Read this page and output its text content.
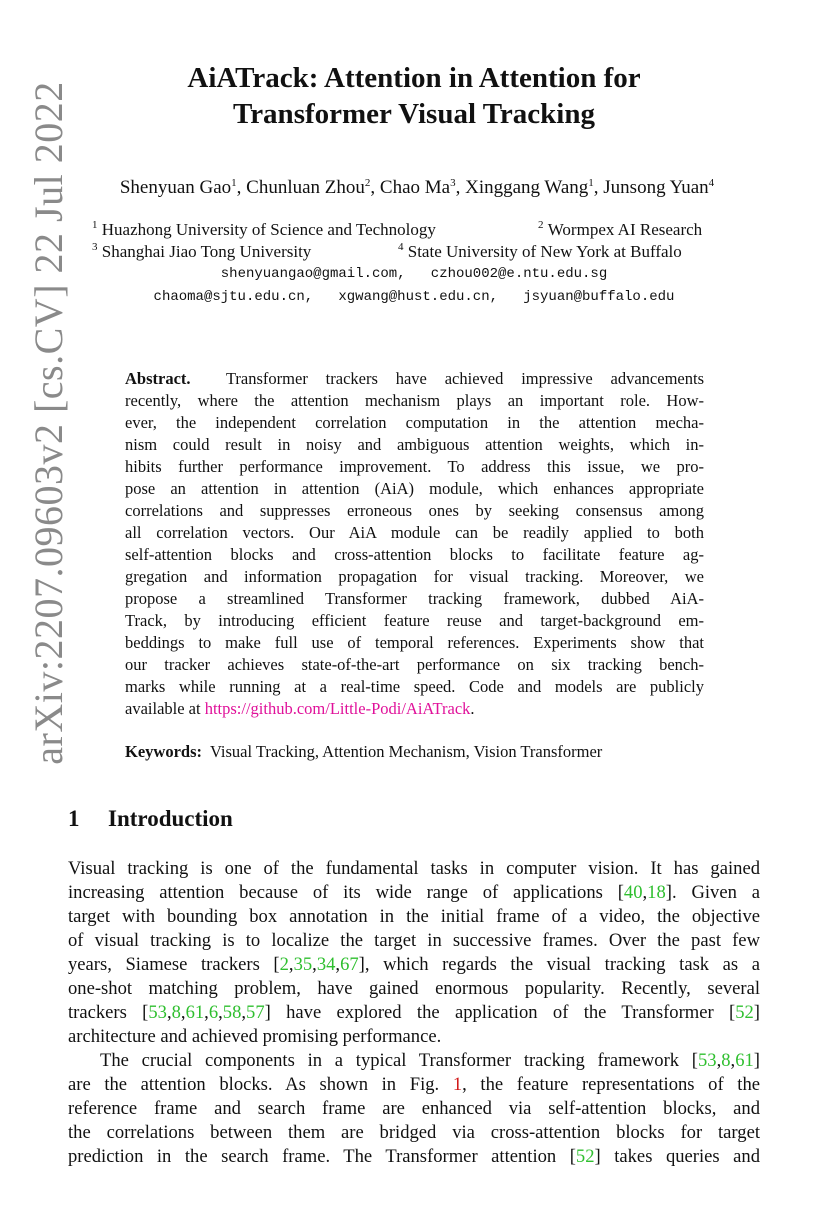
arXiv:2207.09603v2 [cs.CV] 22 Jul 2022
AiATrack: Attention in Attention for
Transformer Visual Tracking
Shenyuan Gao$^1$, Chunluan Zhou$^2$, Chao Ma$^3$, Xinggang Wang$^1$, Junsong Yuan$^4$
$^1$ Huazhong University of Science and Technology	$^2$ Wormpex AI Research
$^3$ Shanghai Jiao Tong University	$^4$ State University of New York at Buffalo
shenyuangao@gmail.com,   czhou002@e.ntu.edu.sg
chaoma@sjtu.edu.cn,   xgwang@hust.edu.cn,   jsyuan@buffalo.edu
Abstract. Transformer trackers have achieved impressive advancements
recently, where the attention mechanism plays an important role. How-
ever, the independent correlation computation in the attention mecha-
nism could result in noisy and ambiguous attention weights, which in-
hibits further performance improvement. To address this issue, we pro-
pose an attention in attention (AiA) module, which enhances appropriate
correlations and suppresses erroneous ones by seeking consensus among
all correlation vectors. Our AiA module can be readily applied to both
self-attention blocks and cross-attention blocks to facilitate feature ag-
gregation and information propagation for visual tracking. Moreover, we
propose a streamlined Transformer tracking framework, dubbed AiA-
Track, by introducing efficient feature reuse and target-background em-
beddings to make full use of temporal references. Experiments show that
our tracker achieves state-of-the-art performance on six tracking bench-
marks while running at a real-time speed. Code and models are publicly
available at https://github.com/Little-Podi/AiATrack.
Keywords: Visual Tracking, Attention Mechanism, Vision Transformer
1 Introduction
Visual tracking is one of the fundamental tasks in computer vision. It has gained
increasing attention because of its wide range of applications [40,18]. Given a
target with bounding box annotation in the initial frame of a video, the objective
of visual tracking is to localize the target in successive frames. Over the past few
years, Siamese trackers [2,35,34,67], which regards the visual tracking task as a
one-shot matching problem, have gained enormous popularity. Recently, several
trackers [53,8,61,6,58,57] have explored the application of the Transformer [52]
architecture and achieved promising performance.
The crucial components in a typical Transformer tracking framework [53,8,61]
are the attention blocks. As shown in Fig. 1, the feature representations of the
reference frame and search frame are enhanced via self-attention blocks, and
the correlations between them are bridged via cross-attention blocks for target
prediction in the search frame. The Transformer attention [52] takes queries and
